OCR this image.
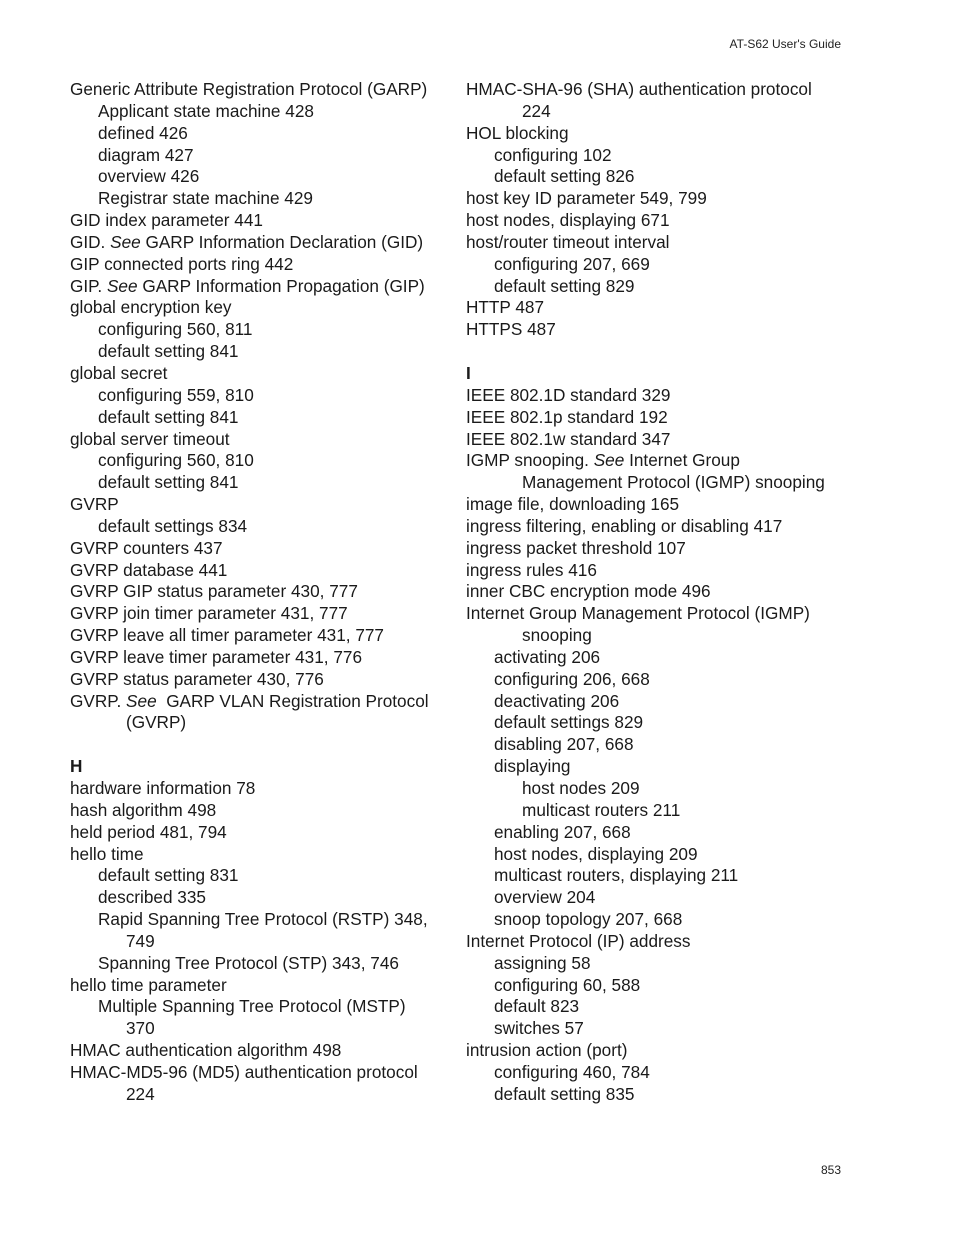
AT-S62 User's Guide
Generic Attribute Registration Protocol (GARP)
Applicant state machine 428
defined 426
diagram 427
overview 426
Registrar state machine 429
GID index parameter 441
GID. See GARP Information Declaration (GID)
GIP connected ports ring 442
GIP. See GARP Information Propagation (GIP)
global encryption key
configuring 560, 811
default setting 841
global secret
configuring 559, 810
default setting 841
global server timeout
configuring 560, 810
default setting 841
GVRP
default settings 834
GVRP counters 437
GVRP database 441
GVRP GIP status parameter 430, 777
GVRP join timer parameter 431, 777
GVRP leave all timer parameter 431, 777
GVRP leave timer parameter 431, 776
GVRP status parameter 430, 776
GVRP. See  GARP VLAN Registration Protocol
(GVRP)
H
hardware information 78
hash algorithm 498
held period 481, 794
hello time
default setting 831
described 335
Rapid Spanning Tree Protocol (RSTP) 348,
749
Spanning Tree Protocol (STP) 343, 746
hello time parameter
Multiple Spanning Tree Protocol (MSTP)
370
HMAC authentication algorithm 498
HMAC-MD5-96 (MD5) authentication protocol
224
HMAC-SHA-96 (SHA) authentication protocol
224
HOL blocking
configuring 102
default setting 826
host key ID parameter 549, 799
host nodes, displaying 671
host/router timeout interval
configuring 207, 669
default setting 829
HTTP 487
HTTPS 487
I
IEEE 802.1D standard 329
IEEE 802.1p standard 192
IEEE 802.1w standard 347
IGMP snooping. See Internet Group
Management Protocol (IGMP) snooping
image file, downloading 165
ingress filtering, enabling or disabling 417
ingress packet threshold 107
ingress rules 416
inner CBC encryption mode 496
Internet Group Management Protocol (IGMP)
snooping
activating 206
configuring 206, 668
deactivating 206
default settings 829
disabling 207, 668
displaying
host nodes 209
multicast routers 211
enabling 207, 668
host nodes, displaying 209
multicast routers, displaying 211
overview 204
snoop topology 207, 668
Internet Protocol (IP) address
assigning 58
configuring 60, 588
default 823
switches 57
intrusion action (port)
configuring 460, 784
default setting 835
853
